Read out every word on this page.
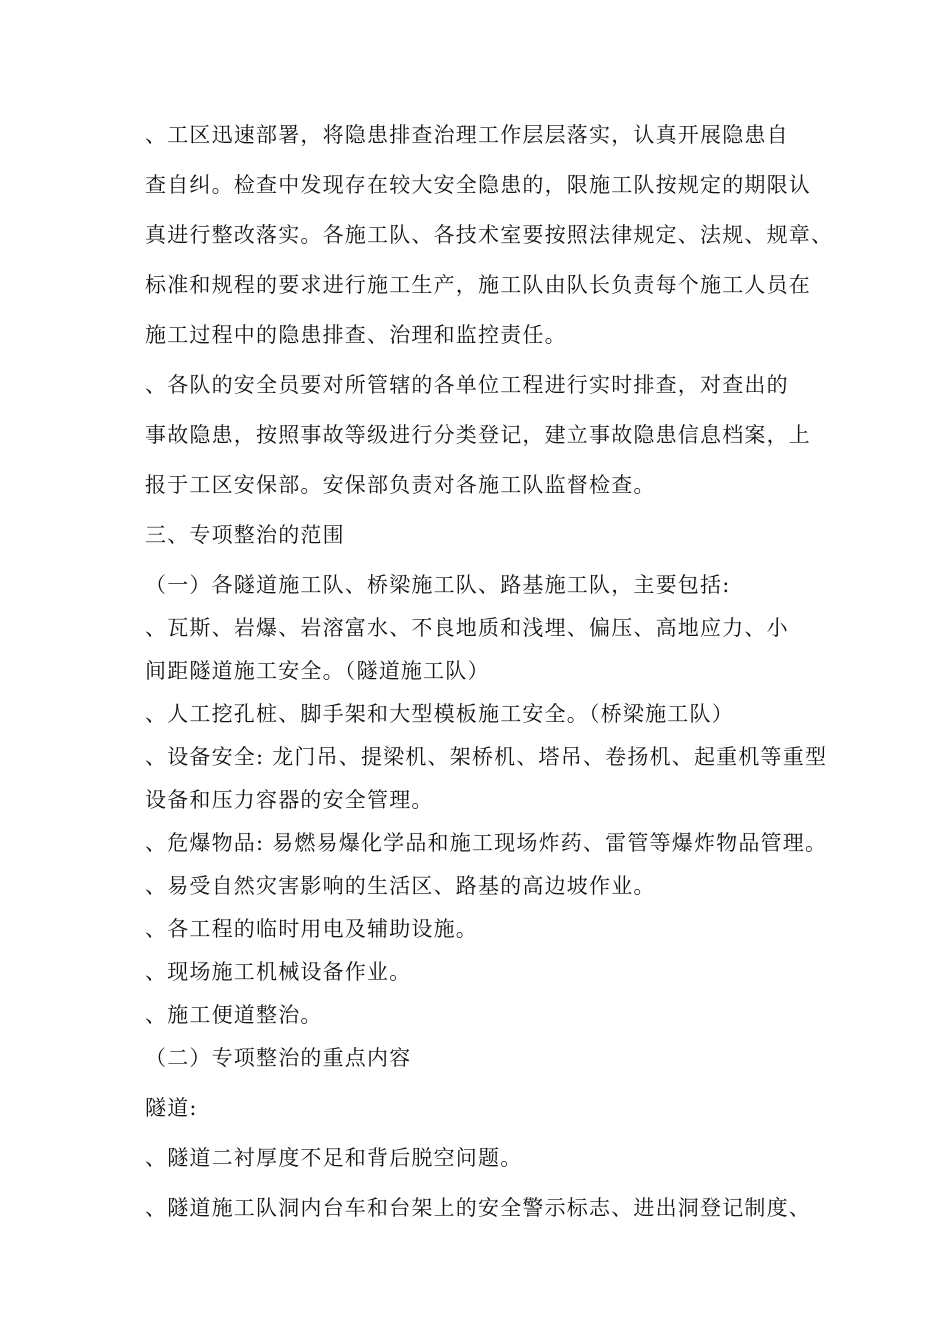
、工区迅速部署，将隐患排查治理工作层层落实，认真开展隐患自
查自纠。检查中发现存在较大安全隐患的，限施工队按规定的期限认
真进行整改落实。各施工队、各技术室要按照法律规定、法规、规章、
标准和规程的要求进行施工生产，施工队由队长负责每个施工人员在
施工过程中的隐患排查、治理和监控责任。
、各队的安全员要对所管辖的各单位工程进行实时排查，对查出的
事故隐患，按照事故等级进行分类登记，建立事故隐患信息档案，上
报于工区安保部。安保部负责对各施工队监督检查。
三、专项整治的范围
（一）各隧道施工队、桥梁施工队、路基施工队，主要包括:
、瓦斯、岩爆、岩溶富水、不良地质和浅埋、偏压、高地应力、小
间距隧道施工安全。（隧道施工队）
、人工挖孔桩、脚手架和大型模板施工安全。（桥梁施工队）
、设备安全: 龙门吊、提梁机、架桥机、塔吊、卷扬机、起重机等重型
设备和压力容器的安全管理。
、危爆物品: 易燃易爆化学品和施工现场炸药、雷管等爆炸物品管理。
、易受自然灾害影响的生活区、路基的高边坡作业。
、各工程的临时用电及辅助设施。
、现场施工机械设备作业。
、施工便道整治。
（二）专项整治的重点内容
隧道:
、隧道二衬厚度不足和背后脱空问题。
、隧道施工队洞内台车和台架上的安全警示标志、进出洞登记制度、
